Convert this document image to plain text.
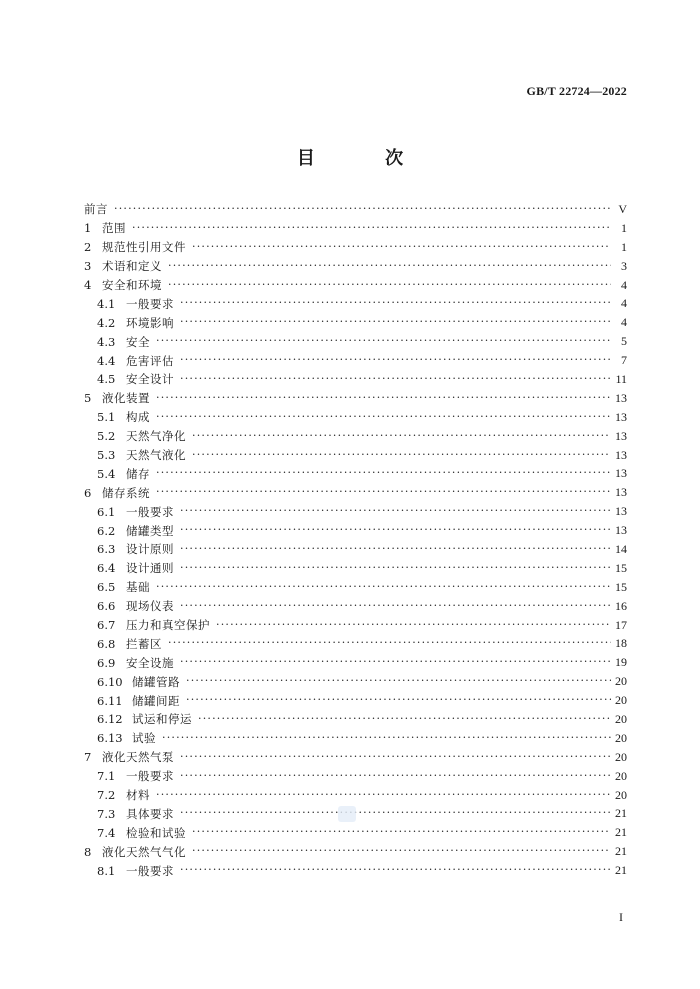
GB/T 22724—2022
目 次
前言 ·····	V
1 范围 ·····	1
2 规范性引用文件 ·····	1
3 术语和定义 ·····	3
4 安全和环境 ·····	4
4.1 一般要求 ·····	4
4.2 环境影响 ·····	4
4.3 安全 ·····	5
4.4 危害评估 ·····	7
4.5 安全设计 ·····	11
5 液化装置 ·····	13
5.1 构成 ·····	13
5.2 天然气净化 ·····	13
5.3 天然气液化 ·····	13
5.4 储存 ·····	13
6 储存系统 ·····	13
6.1 一般要求 ·····	13
6.2 储罐类型 ·····	13
6.3 设计原则 ·····	14
6.4 设计通则 ·····	15
6.5 基础 ·····	15
6.6 现场仪表 ·····	16
6.7 压力和真空保护 ·····	17
6.8 拦蓄区 ·····	18
6.9 安全设施 ·····	19
6.10 储罐管路 ·····	20
6.11 储罐间距 ·····	20
6.12 试运和停运 ·····	20
6.13 试验 ·····	20
7 液化天然气泵 ·····	20
7.1 一般要求 ·····	20
7.2 材料 ·····	20
7.3 具体要求 ·····	21
7.4 检验和试验 ·····	21
8 液化天然气气化 ·····	21
8.1 一般要求 ·····	21
I
